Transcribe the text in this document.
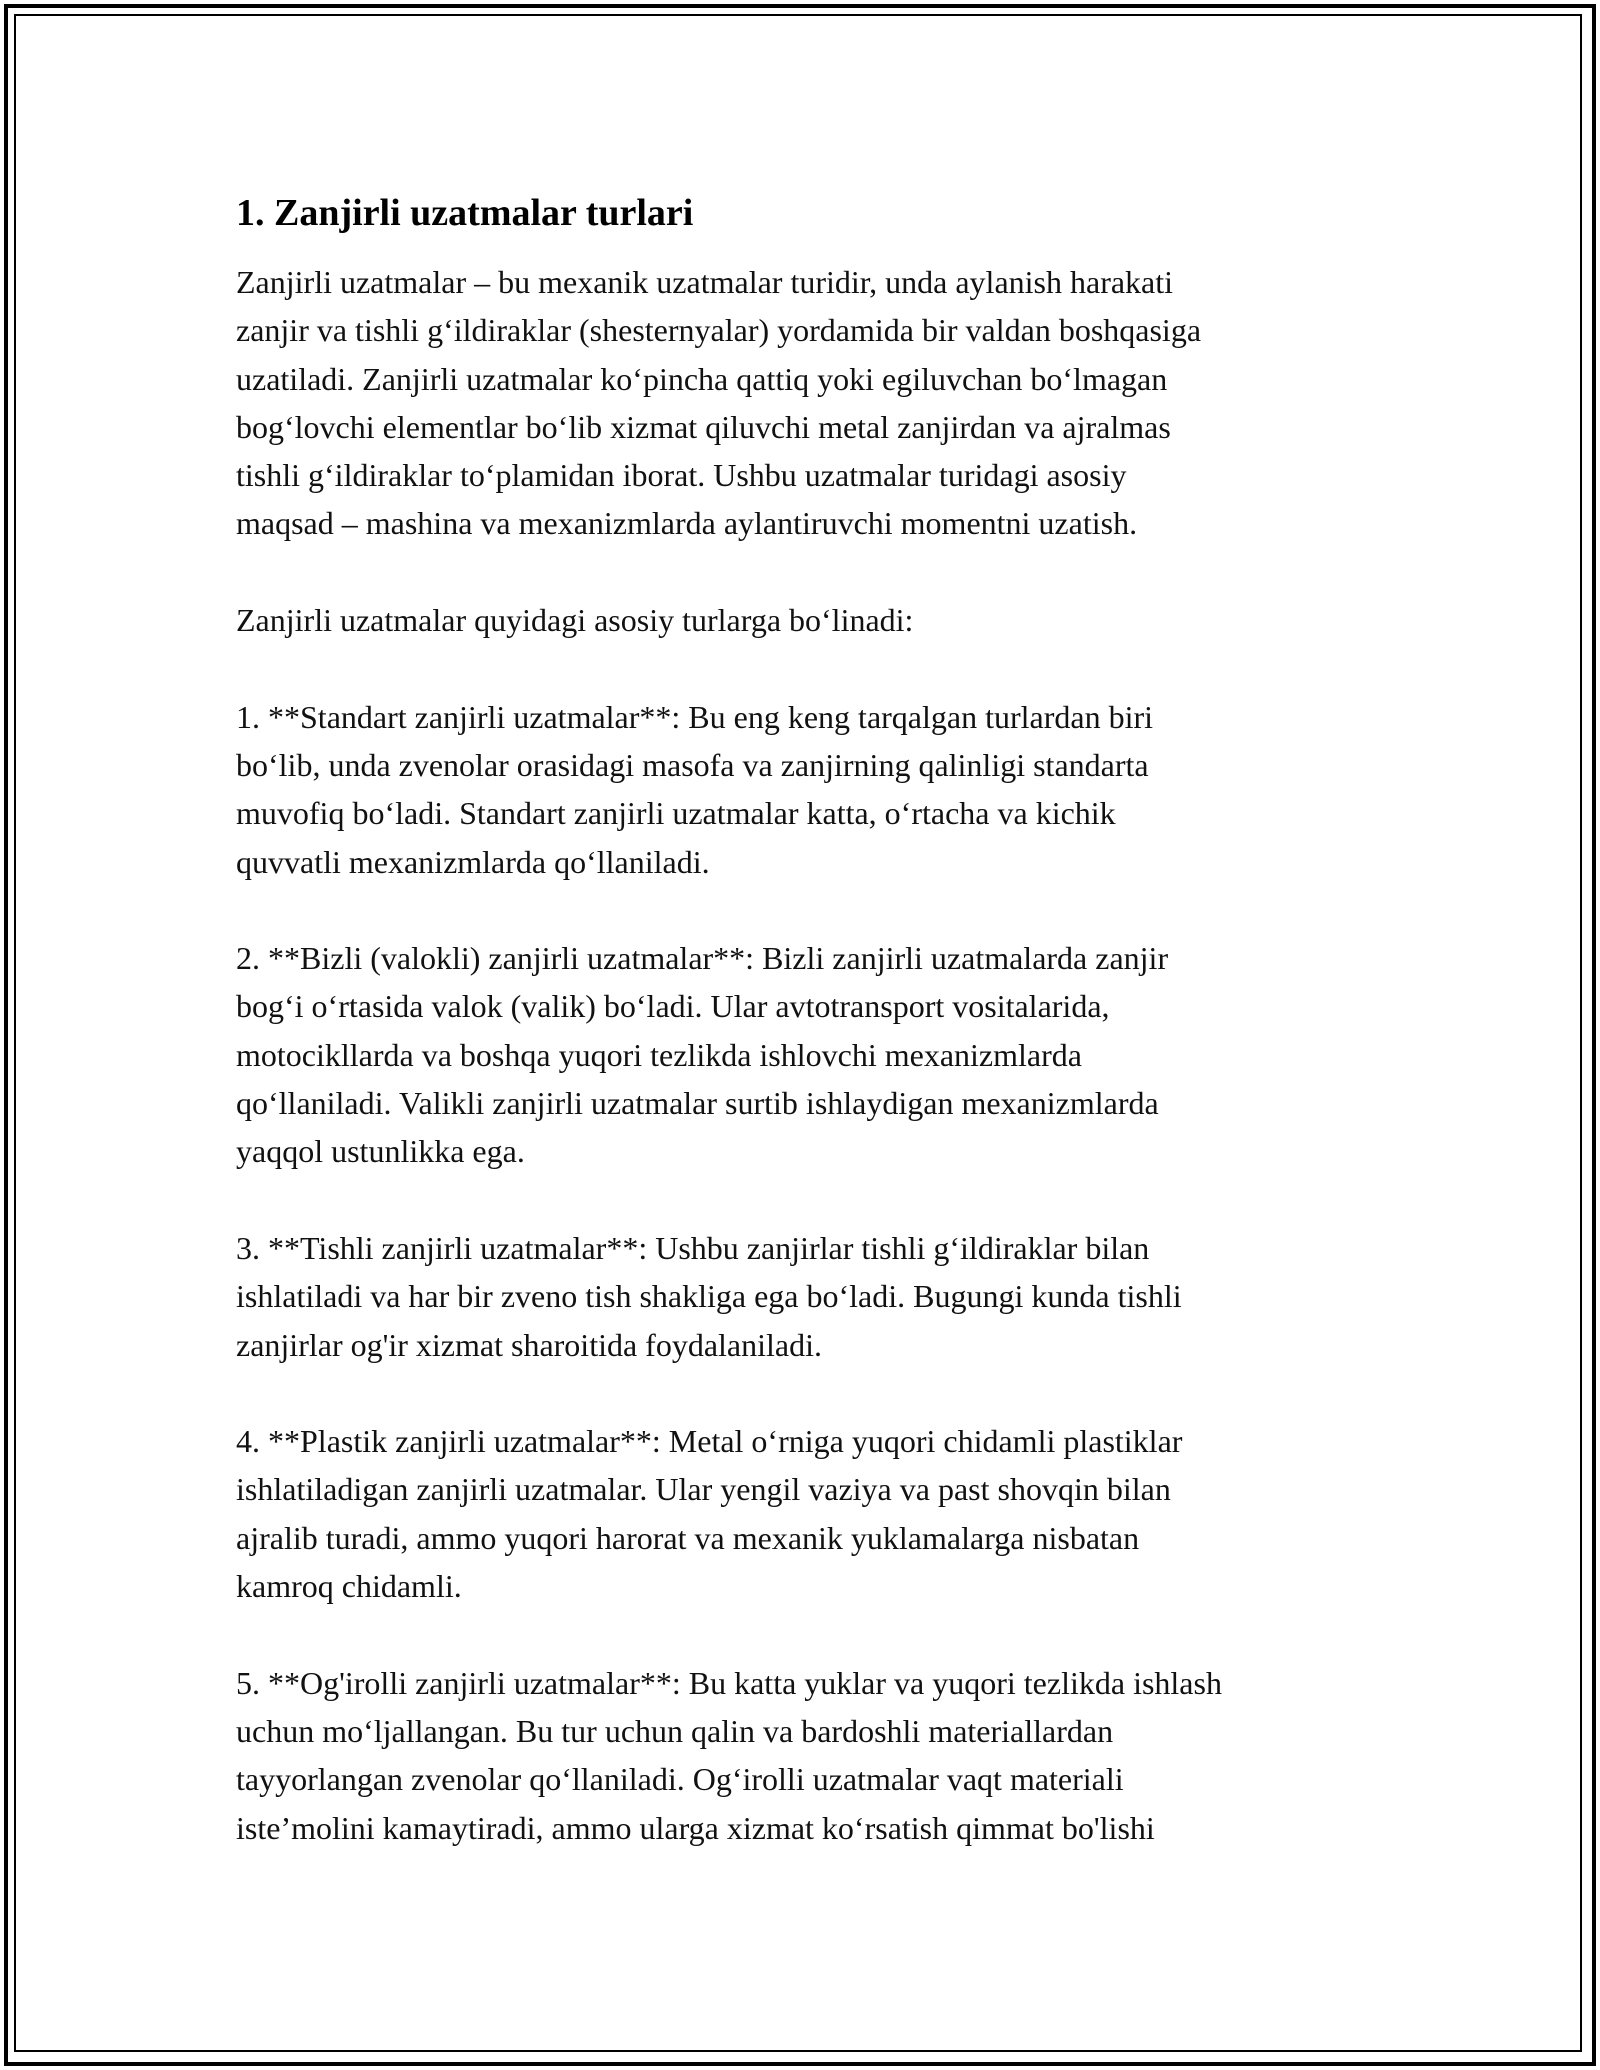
1. Zanjirli uzatmalar turlari
Zanjirli uzatmalar – bu mexanik uzatmalar turidir, unda aylanish harakati
zanjir va tishli g‘ildiraklar (shesternyalar) yordamida bir valdan boshqasiga
uzatiladi. Zanjirli uzatmalar ko‘pincha qattiq yoki egiluvchan bo‘lmagan
bog‘lovchi elementlar bo‘lib xizmat qiluvchi metal zanjirdan va ajralmas
tishli g‘ildiraklar to‘plamidan iborat. Ushbu uzatmalar turidagi asosiy
maqsad – mashina va mexanizmlarda aylantiruvchi momentni uzatish.
Zanjirli uzatmalar quyidagi asosiy turlarga bo‘linadi:
1. **Standart zanjirli uzatmalar**: Bu eng keng tarqalgan turlardan biri
bo‘lib, unda zvenolar orasidagi masofa va zanjirning qalinligi standarta
muvofiq bo‘ladi. Standart zanjirli uzatmalar katta, o‘rtacha va kichik
quvvatli mexanizmlarda qo‘llaniladi.
2. **Bizli (valokli) zanjirli uzatmalar**: Bizli zanjirli uzatmalarda zanjir
bog‘i o‘rtasida valok (valik) bo‘ladi. Ular avtotransport vositalarida,
motocikllarda va boshqa yuqori tezlikda ishlovchi mexanizmlarda
qo‘llaniladi. Valikli zanjirli uzatmalar surtib ishlaydigan mexanizmlarda
yaqqol ustunlikka ega.
3. **Tishli zanjirli uzatmalar**: Ushbu zanjirlar tishli g‘ildiraklar bilan
ishlatiladi va har bir zveno tish shakliga ega bo‘ladi. Bugungi kunda tishli
zanjirlar og'ir xizmat sharoitida foydalaniladi.
4. **Plastik zanjirli uzatmalar**: Metal o‘rniga yuqori chidamli plastiklar
ishlatiladigan zanjirli uzatmalar. Ular yengil vaziya va past shovqin bilan
ajralib turadi, ammo yuqori harorat va mexanik yuklamalarga nisbatan
kamroq chidamli.
5. **Og'irolli zanjirli uzatmalar**: Bu katta yuklar va yuqori tezlikda ishlash
uchun mo‘ljallangan. Bu tur uchun qalin va bardoshli materiallardan
tayyorlangan zvenolar qo‘llaniladi. Og‘irolli uzatmalar vaqt materiali
iste’molini kamaytiradi, ammo ularga xizmat ko‘rsatish qimmat bo'lishi
